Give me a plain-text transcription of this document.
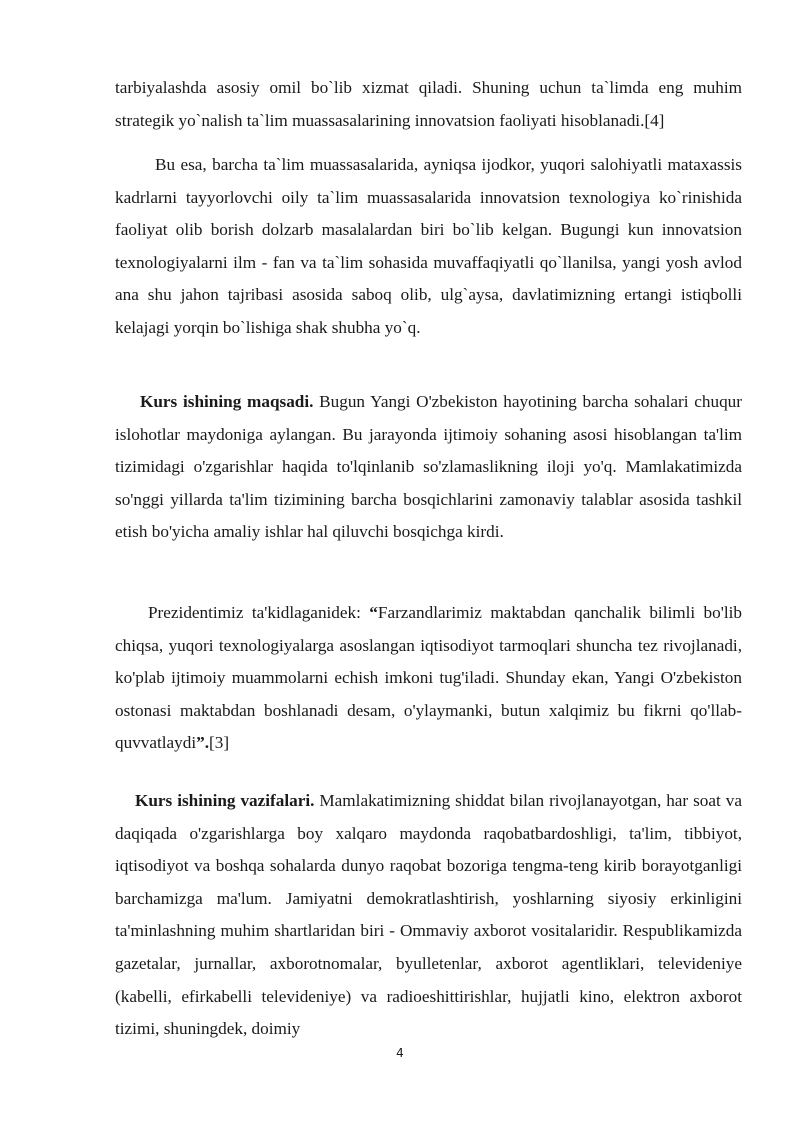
tarbiyalashda asosiy omil bo`lib xizmat qiladi. Shuning uchun ta`limda eng muhim strategik yo`nalish ta`lim muassasalarining innovatsion faoliyati hisoblanadi.[4]

Bu esa, barcha ta`lim muassasalarida, ayniqsa ijodkor, yuqori salohiyatli mataxassis kadrlarni tayyorlovchi oily ta`lim muassasalarida innovatsion texnologiya ko`rinishida faoliyat olib borish dolzarb masalalardan biri bo`lib kelgan. Bugungi kun innovatsion texnologiyalarni ilm - fan va ta`lim sohasida muvaffaqiyatli qo`llanilsa, yangi yosh avlod ana shu jahon tajribasi asosida saboq olib, ulg`aysa, davlatimizning ertangi istiqbolli kelajagi yorqin bo`lishiga shak shubha yo`q.

Kurs ishining maqsadi. Bugun Yangi O'zbekiston hayotining barcha sohalari chuqur islohotlar maydoniga aylangan. Bu jarayonda ijtimoiy sohaning asosi hisoblangan ta'lim tizimidagi o'zgarishlar haqida to'lqinlanib so'zlamaslikning iloji yo'q. Mamlakatimizda so'nggi yillarda ta'lim tizimining barcha bosqichlarini zamonaviy talablar asosida tashkil etish bo'yicha amaliy ishlar hal qiluvchi bosqichga kirdi.

Prezidentimiz ta'kidlaganidek: “Farzandlarimiz maktabdan qanchalik bilimli bo'lib chiqsa, yuqori texnologiyalarga asoslangan iqtisodiyot tarmoqlari shuncha tez rivojlanadi, ko'plab ijtimoiy muammolarni echish imkoni tug'iladi. Shunday ekan, Yangi O'zbekiston ostonasi maktabdan boshlanadi desam, o'ylaymanki, butun xalqimiz bu fikrni qo'llab-quvvatlaydi”.[3]

Kurs ishining vazifalari. Mamlakatimizning shiddat bilan rivojlanayotgan, har soat va daqiqada o'zgarishlarga boy xalqaro maydonda raqobatbardoshligi, ta'lim, tibbiyot, iqtisodiyot va boshqa sohalarda dunyo raqobat bozoriga tengma-teng kirib borayotganligi barchamizga ma'lum. Jamiyatni demokratlashtirish, yoshlarning siyosiy erkinligini ta'minlashning muhim shartlaridan biri - Ommaviy axborot vositalaridir. Respublikamizda gazetalar, jurnallar, axborotnomalar, byulletenlar, axborot agentliklari, televideniye (kabelli, efirkabelli televideniye) va radioeshittirishlar, hujjatli kino, elektron axborot tizimi, shuningdek, doimiy

4
